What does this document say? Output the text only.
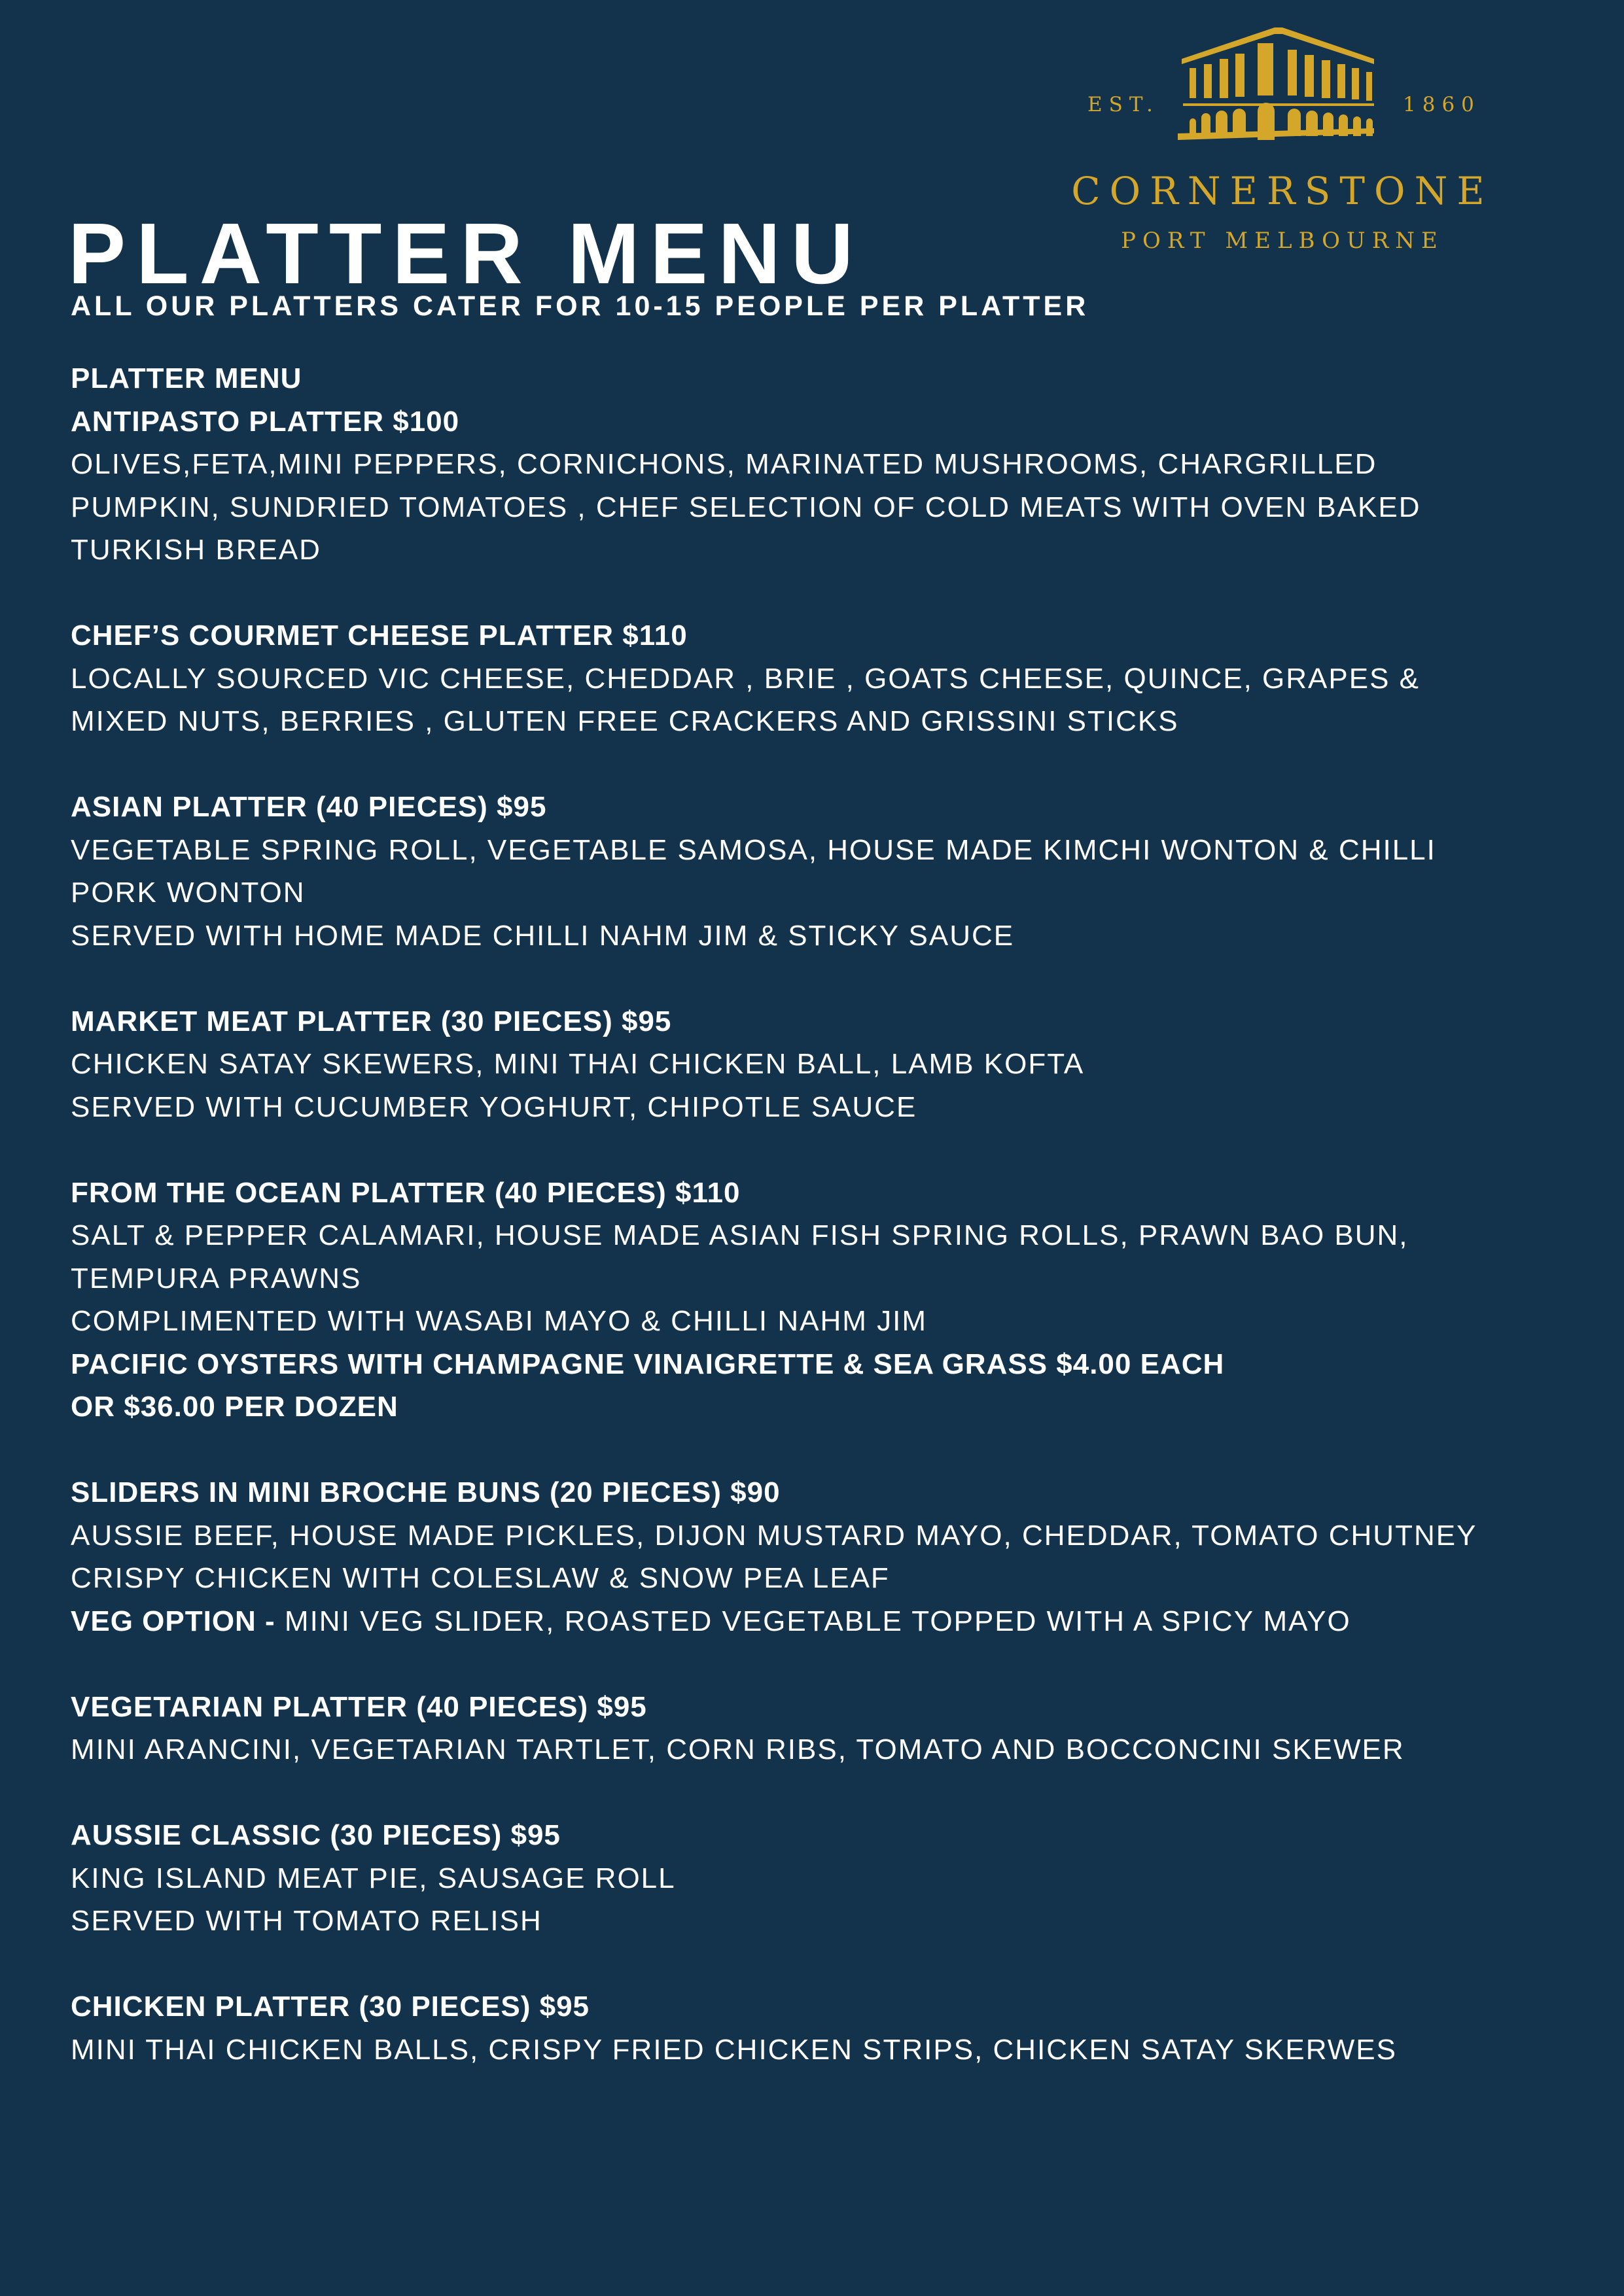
EST.	1860
CORNERSTONE
PORT MELBOURNE
PLATTER MENU
ALL OUR PLATTERS CATER FOR 10-15 PEOPLE PER PLATTER
PLATTER MENU
ANTIPASTO PLATTER $100
OLIVES,FETA,MINI PEPPERS, CORNICHONS, MARINATED MUSHROOMS, CHARGRILLED
PUMPKIN, SUNDRIED TOMATOES , CHEF SELECTION OF COLD MEATS WITH OVEN BAKED
TURKISH BREAD
CHEF’S COURMET CHEESE PLATTER $110
LOCALLY SOURCED VIC CHEESE, CHEDDAR , BRIE , GOATS CHEESE, QUINCE, GRAPES &
MIXED NUTS, BERRIES , GLUTEN FREE CRACKERS AND GRISSINI STICKS
ASIAN PLATTER (40 PIECES) $95
VEGETABLE SPRING ROLL, VEGETABLE SAMOSA, HOUSE MADE KIMCHI WONTON & CHILLI
PORK WONTON
SERVED WITH HOME MADE CHILLI NAHM JIM & STICKY SAUCE
MARKET MEAT PLATTER (30 PIECES) $95
CHICKEN SATAY SKEWERS, MINI THAI CHICKEN BALL, LAMB KOFTA
SERVED WITH CUCUMBER YOGHURT, CHIPOTLE SAUCE
FROM THE OCEAN PLATTER (40 PIECES) $110
SALT & PEPPER CALAMARI, HOUSE MADE ASIAN FISH SPRING ROLLS, PRAWN BAO BUN,
TEMPURA PRAWNS
COMPLIMENTED WITH WASABI MAYO & CHILLI NAHM JIM
PACIFIC OYSTERS WITH CHAMPAGNE VINAIGRETTE & SEA GRASS $4.00 EACH
OR $36.00 PER DOZEN
SLIDERS IN MINI BROCHE BUNS (20 PIECES) $90
AUSSIE BEEF, HOUSE MADE PICKLES, DIJON MUSTARD MAYO, CHEDDAR, TOMATO CHUTNEY
CRISPY CHICKEN WITH COLESLAW & SNOW PEA LEAF
VEG OPTION - MINI VEG SLIDER, ROASTED VEGETABLE TOPPED WITH A SPICY MAYO
VEGETARIAN PLATTER (40 PIECES) $95
MINI ARANCINI, VEGETARIAN TARTLET, CORN RIBS, TOMATO AND BOCCONCINI SKEWER
AUSSIE CLASSIC (30 PIECES) $95
KING ISLAND MEAT PIE, SAUSAGE ROLL
SERVED WITH TOMATO RELISH
CHICKEN PLATTER (30 PIECES) $95
MINI THAI CHICKEN BALLS, CRISPY FRIED CHICKEN STRIPS, CHICKEN SATAY SKERWES
